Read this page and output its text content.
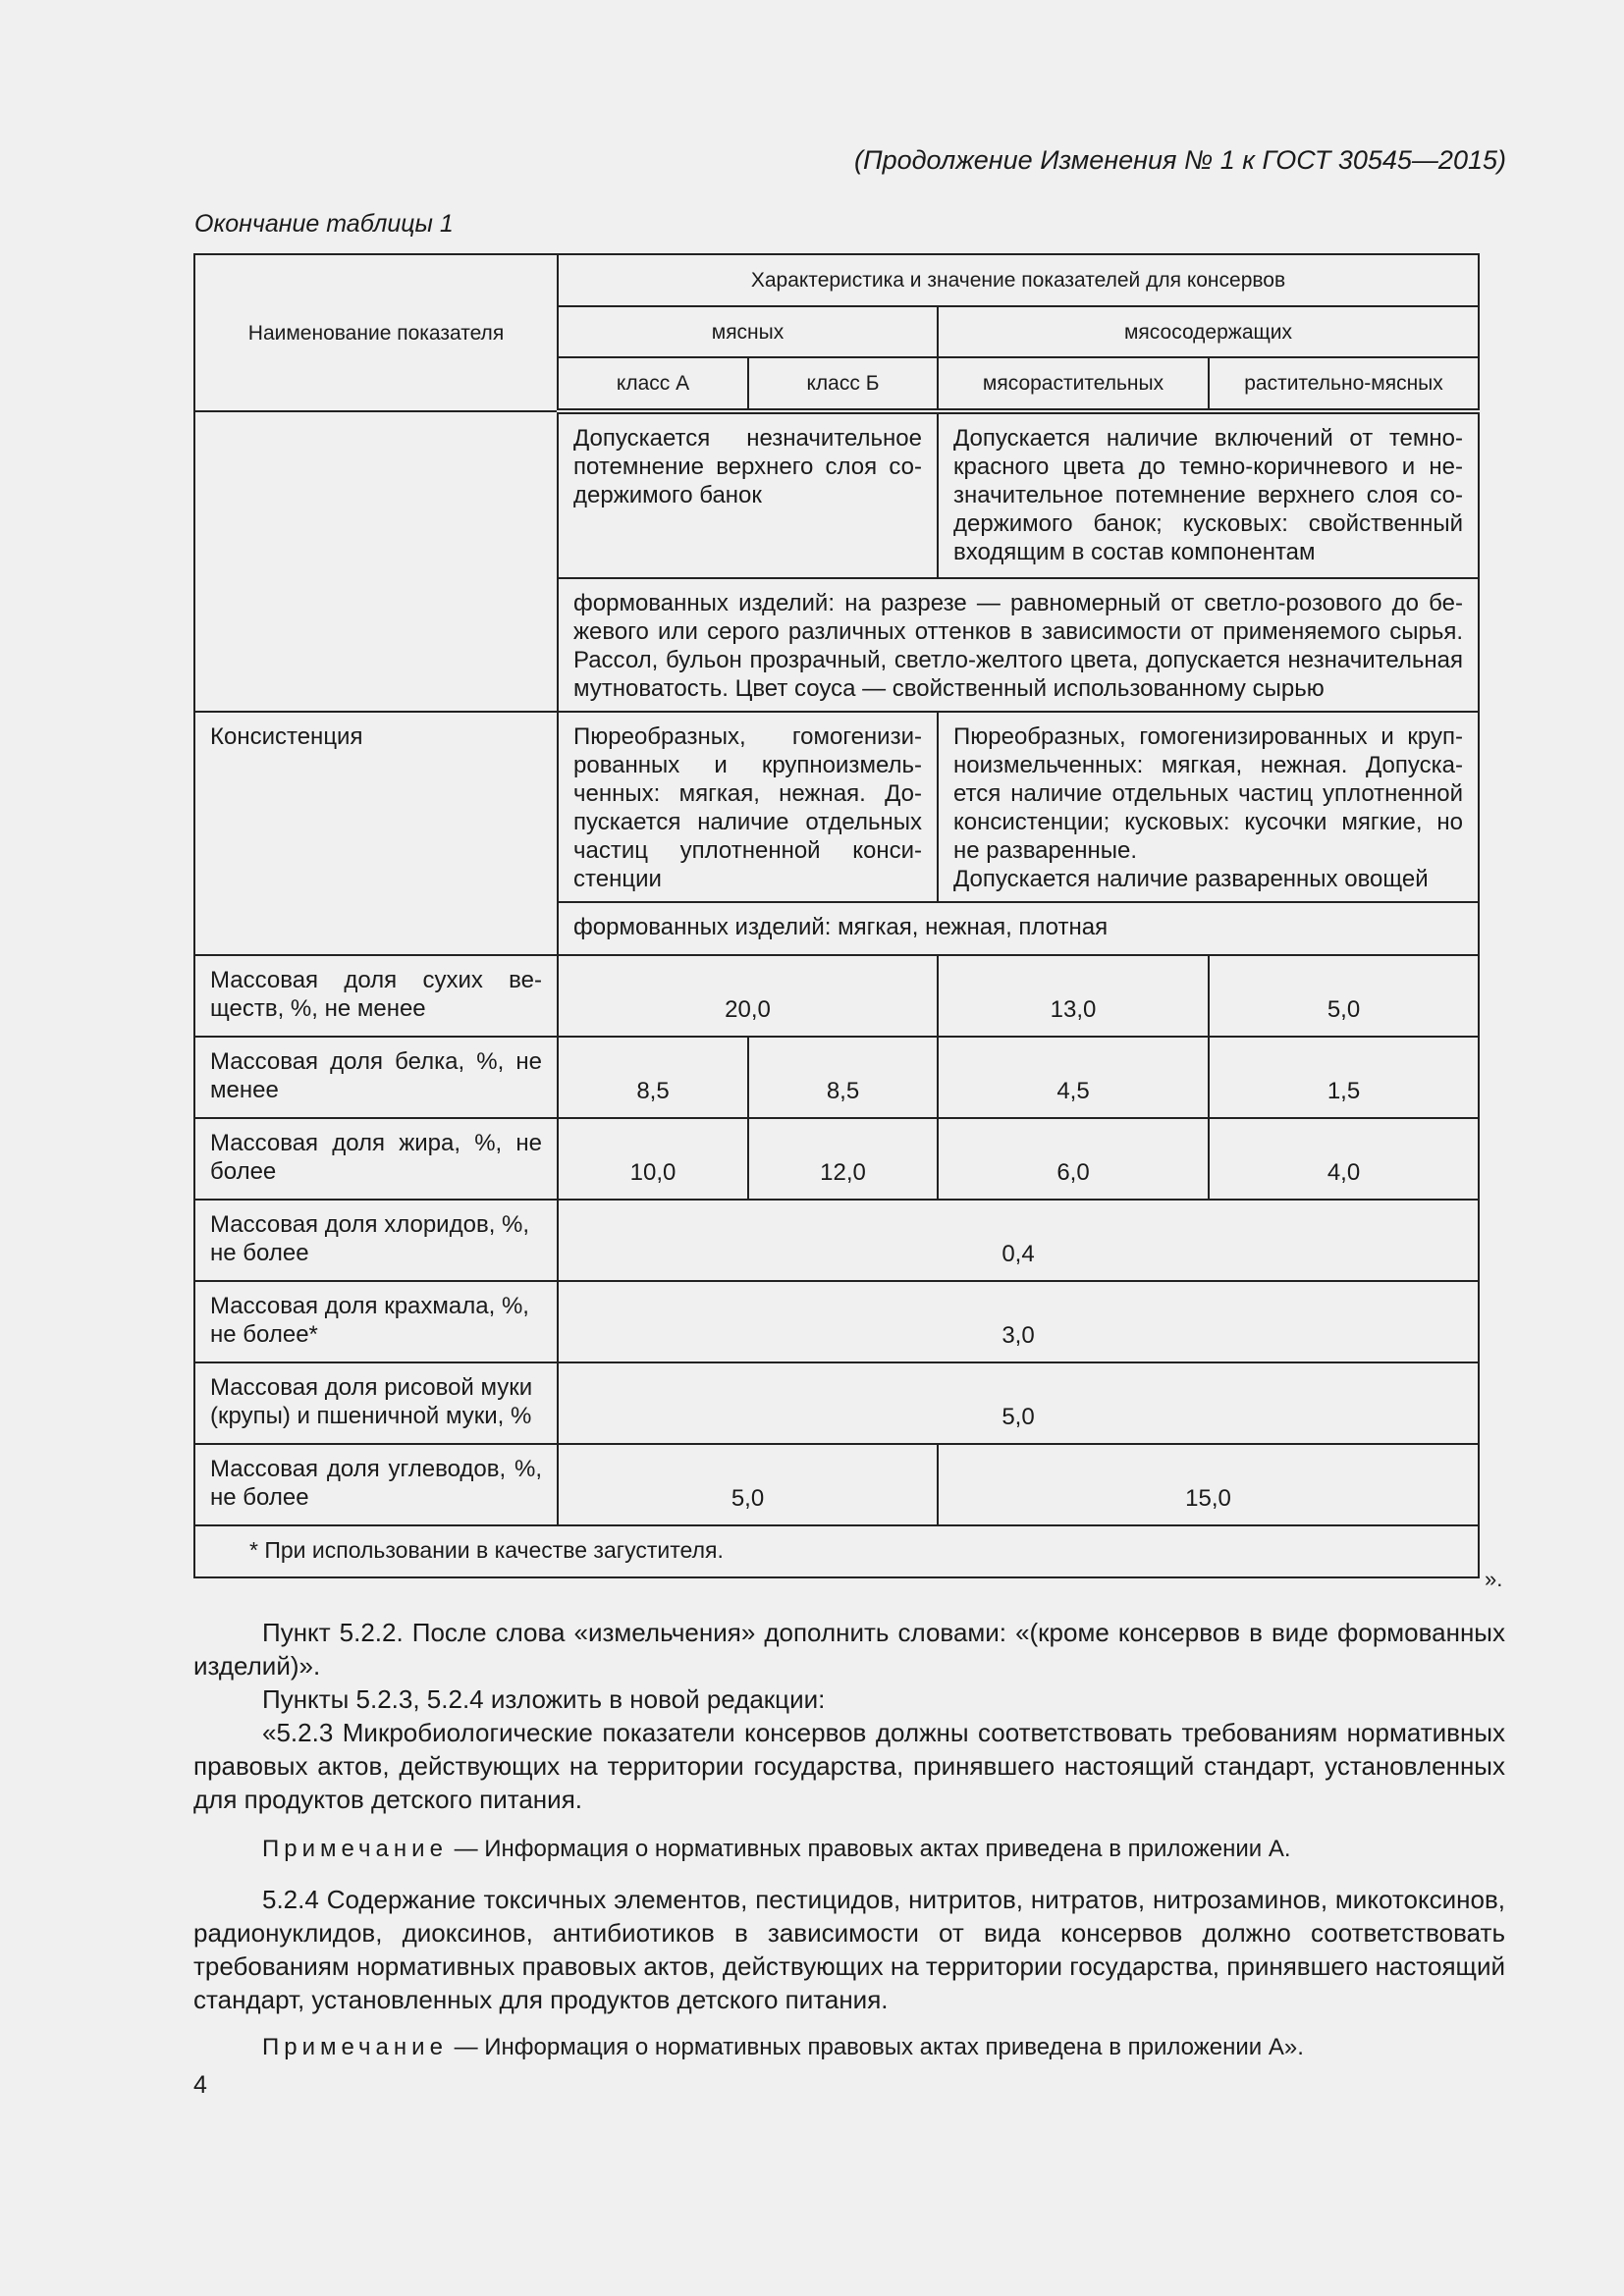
(Продолжение Изменения № 1 к ГОСТ 30545—2015)
Окончание таблицы 1
Наименование показателя	Характеристика и значение показателей для консервов			
	мясных		мясосодержащих	
	класс А	класс Б	мясорастительных	растительно-мясных

	Допускается незначительное потемнение верхнего слоя содержимого банок		Допускается наличие включений от темно-красного цвета до темно-коричневого и незначительное потемнение верхнего слоя содержимого банок; кусковых: свойственный входящим в состав компонентам	

	формованных изделий: на разрезе — равномерный от светло-розового до бежевого или серого различных оттенков в зависимости от применяемого сырья. Рассол, бульон прозрачный, светло-желтого цвета, допускается незначительная мутноватость. Цвет соуса — свойственный использованному сырью			

Консистенция	Пюреобразных, гомогенизированных и крупноизмельченных: мягкая, нежная. Допускается наличие отдельных частиц уплотненной консистенции		Пюреобразных, гомогенизированных и крупноизмельченных: мягкая, нежная. Допускается наличие отдельных частиц уплотненной консистенции; кусковых: кусочки мягкие, но не разваренные.
Допускается наличие разваренных овощей	

	формованных изделий: мягкая, нежная, плотная			

Массовая доля сухих веществ, %, не менее	20,0		13,0	5,0

Массовая доля белка, %, не менее	8,5	8,5	4,5	1,5

Массовая доля жира, %, не более	10,0	12,0	6,0	4,0

Массовая доля хлоридов, %, не более	0,4			

Массовая доля крахмала, %, не более*	3,0			

Массовая доля рисовой муки (крупы) и пшеничной муки, %	5,0			

Массовая доля углеводов, %, не более	5,0		15,0	

* При использовании в качестве загустителя.				
».

Пункт 5.2.2. После слова «измельчения» дополнить словами: «(кроме консервов в виде формованных изделий)».

Пункты 5.2.3, 5.2.4 изложить в новой редакции:

«5.2.3 Микробиологические показатели консервов должны соответствовать требованиям нормативных правовых актов, действующих на территории государства, принявшего настоящий стандарт, установленных для продуктов детского питания.

Примечание — Информация о нормативных правовых актах приведена в приложении А.

5.2.4 Содержание токсичных элементов, пестицидов, нитритов, нитратов, нитрозаминов, микотоксинов, радионуклидов, диоксинов, антибиотиков в зависимости от вида консервов должно соответствовать требованиям нормативных правовых актов, действующих на территории государства, принявшего настоящий стандарт, установленных для продуктов детского питания.

Примечание — Информация о нормативных правовых актах приведена в приложении А».
4
